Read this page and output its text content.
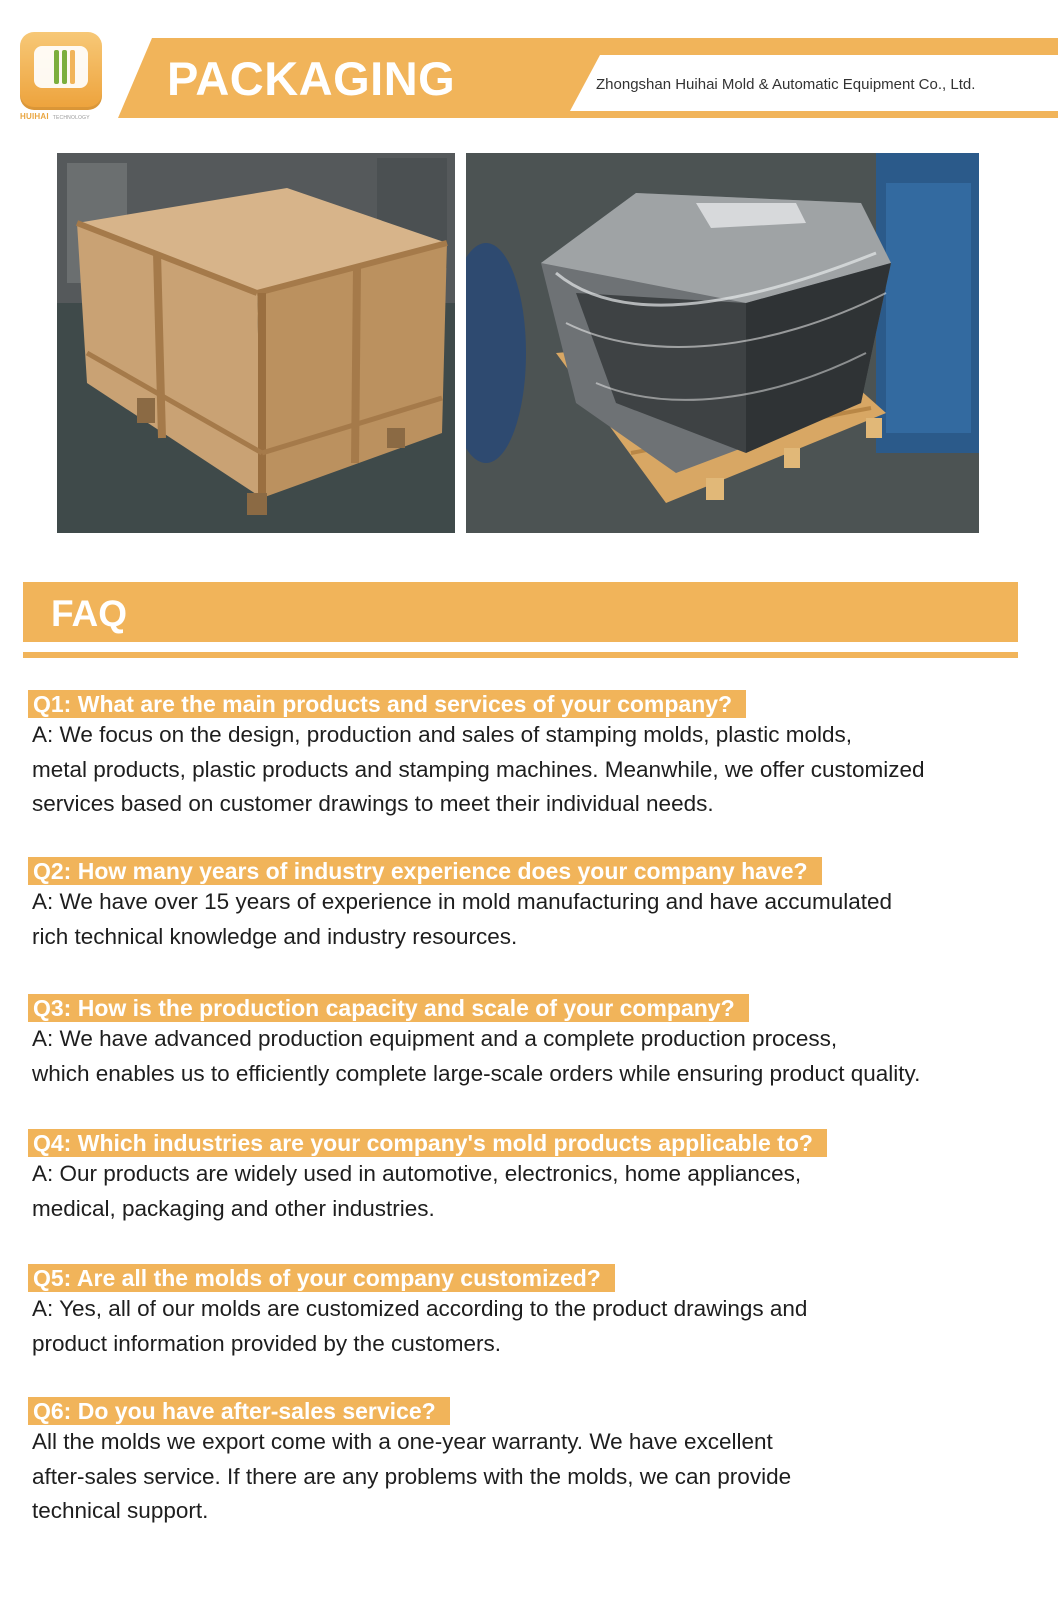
HUIHAI TECHNOLOGY
PACKAGING	Zhongshan Huihai Mold & Automatic Equipment Co., Ltd.
FAQ
Q1: What are the main products and services of your company?

A: We focus on the design, production and sales of stamping molds, plastic molds,
metal products, plastic products and stamping machines. Meanwhile, we offer customized
services based on customer drawings to meet their individual needs.

Q2: How many years of industry experience does your company have?

A: We have over 15 years of experience in mold manufacturing and have accumulated
rich technical knowledge and industry resources.

Q3: How is the production capacity and scale of your company?

A: We have advanced production equipment and a complete production process,
which enables us to efficiently complete large-scale orders while ensuring product quality.

Q4: Which industries are your company's mold products applicable to?

A: Our products are widely used in automotive, electronics, home appliances,
medical, packaging and other industries.

Q5: Are all the molds of your company customized?

A: Yes, all of our molds are customized according to the product drawings and
product information provided by the customers.

Q6: Do you have after-sales service?

All the molds we export come with a one-year warranty. We have excellent
after-sales service. If there are any problems with the molds, we can provide
technical support.
